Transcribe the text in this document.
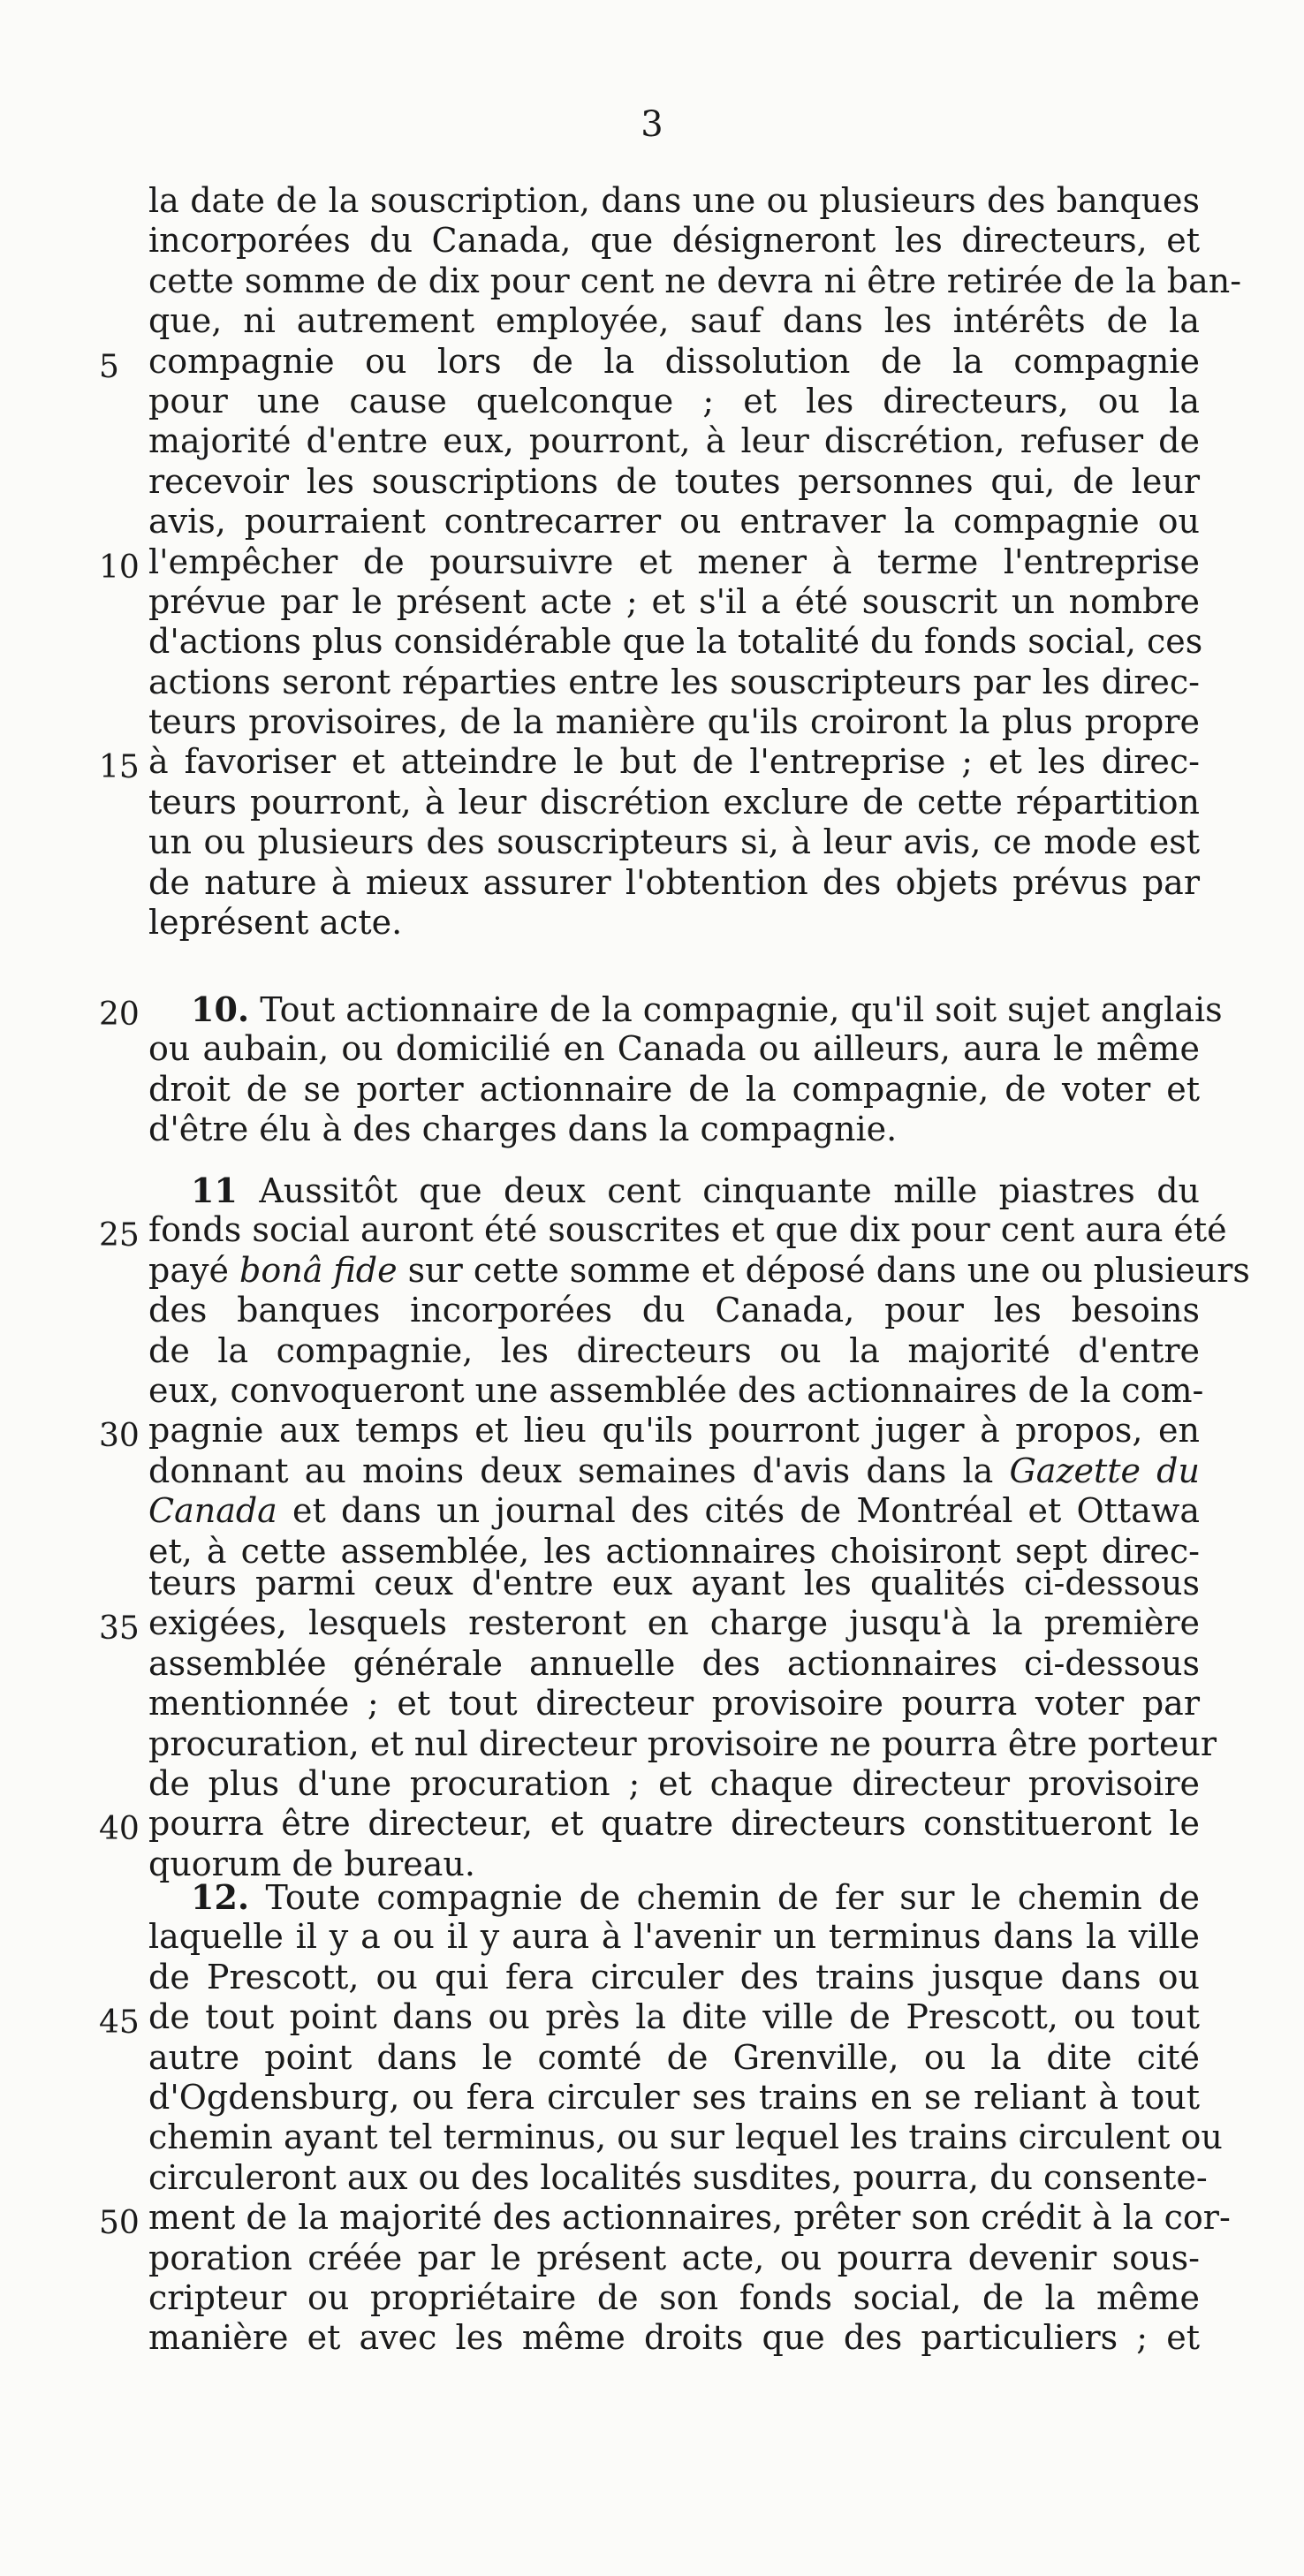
3
la date de la souscription, dans une ou plusieurs des banques
incorporées du Canada, que désigneront les directeurs, et
cette somme de dix pour cent ne devra ni être retirée de la ban-
que, ni autrement employée, sauf dans les intérêts de la
5 compagnie ou lors de la dissolution de la compagnie
pour une cause quelconque ; et les directeurs, ou la
majorité d'entre eux, pourront, à leur discrétion, refuser de
recevoir les souscriptions de toutes personnes qui, de leur
avis, pourraient contrecarrer ou entraver la compagnie ou
10 l'empêcher de poursuivre et mener à terme l'entreprise
prévue par le présent acte ; et s'il a été souscrit un nombre
d'actions plus considérable que la totalité du fonds social, ces
actions seront réparties entre les souscripteurs par les direc-
teurs provisoires, de la manière qu'ils croiront la plus propre
15 à favoriser et atteindre le but de l'entreprise ; et les direc-
teurs pourront, à leur discrétion exclure de cette répartition
un ou plusieurs des souscripteurs si, à leur avis, ce mode est
de nature à mieux assurer l'obtention des objets prévus par
leprésent acte.
20 10. Tout actionnaire de la compagnie, qu'il soit sujet anglais
ou aubain, ou domicilié en Canada ou ailleurs, aura le même
droit de se porter actionnaire de la compagnie, de voter et
d'être élu à des charges dans la compagnie.
11 Aussitôt que deux cent cinquante mille piastres du
25 fonds social auront été souscrites et que dix pour cent aura été
payé bonâ fide sur cette somme et déposé dans une ou plusieurs
des banques incorporées du Canada, pour les besoins
de la compagnie, les directeurs ou la majorité d'entre
eux, convoqueront une assemblée des actionnaires de la com-
30 pagnie aux temps et lieu qu'ils pourront juger à propos, en
donnant au moins deux semaines d'avis dans la Gazette du
Canada et dans un journal des cités de Montréal et Ottawa
et, à cette assemblée, les actionnaires choisiront sept direc-
teurs parmi ceux d'entre eux ayant les qualités ci-dessous
35 exigées, lesquels resteront en charge jusqu'à la première
assemblée générale annuelle des actionnaires ci-dessous
mentionnée ; et tout directeur provisoire pourra voter par
procuration, et nul directeur provisoire ne pourra être porteur
de plus d'une procuration ; et chaque directeur provisoire
40 pourra être directeur, et quatre directeurs constitueront le
quorum de bureau.
12. Toute compagnie de chemin de fer sur le chemin de
laquelle il y a ou il y aura à l'avenir un terminus dans la ville
de Prescott, ou qui fera circuler des trains jusque dans ou
45 de tout point dans ou près la dite ville de Prescott, ou tout
autre point dans le comté de Grenville, ou la dite cité
d'Ogdensburg, ou fera circuler ses trains en se reliant à tout
chemin ayant tel terminus, ou sur lequel les trains circulent ou
circuleront aux ou des localités susdites, pourra, du consente-
50 ment de la majorité des actionnaires, prêter son crédit à la cor-
poration créée par le présent acte, ou pourra devenir sous-
cripteur ou propriétaire de son fonds social, de la même
manière et avec les même droits que des particuliers ; et
